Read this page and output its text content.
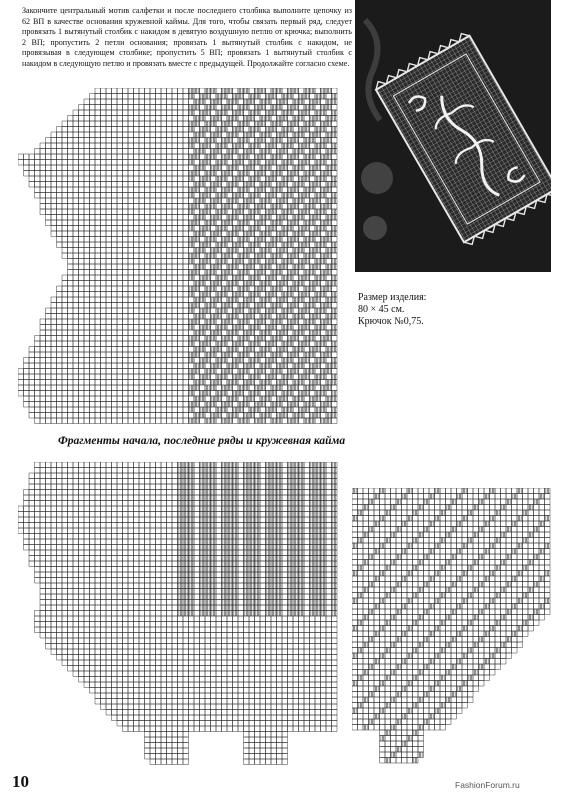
Закончите центральный мотив салфетки и после последнего столбика выполните цепочку из 62 ВП в качестве основания кружевной каймы. Для того, чтобы связать первый ряд, следует провязать 1 вытянутый столбик с накидом в девятую воздушную петлю от крючка; выполнить 2 ВП; пропустить 2 петли основания; провязать 1 вытянутый столбик с накидом, не провязывая в следующем столбике; пропустить 5 ВП; провязать 1 вытянутый столбик с накидом в следующую петлю и провязать вместе с предыдущей. Продолжайте согласно схеме.
Размер изделия:
80 × 45 см.
Крючок №0,75.
Фрагменты начала, последние ряды и кружевная кайма
10	FashionForum.ru
